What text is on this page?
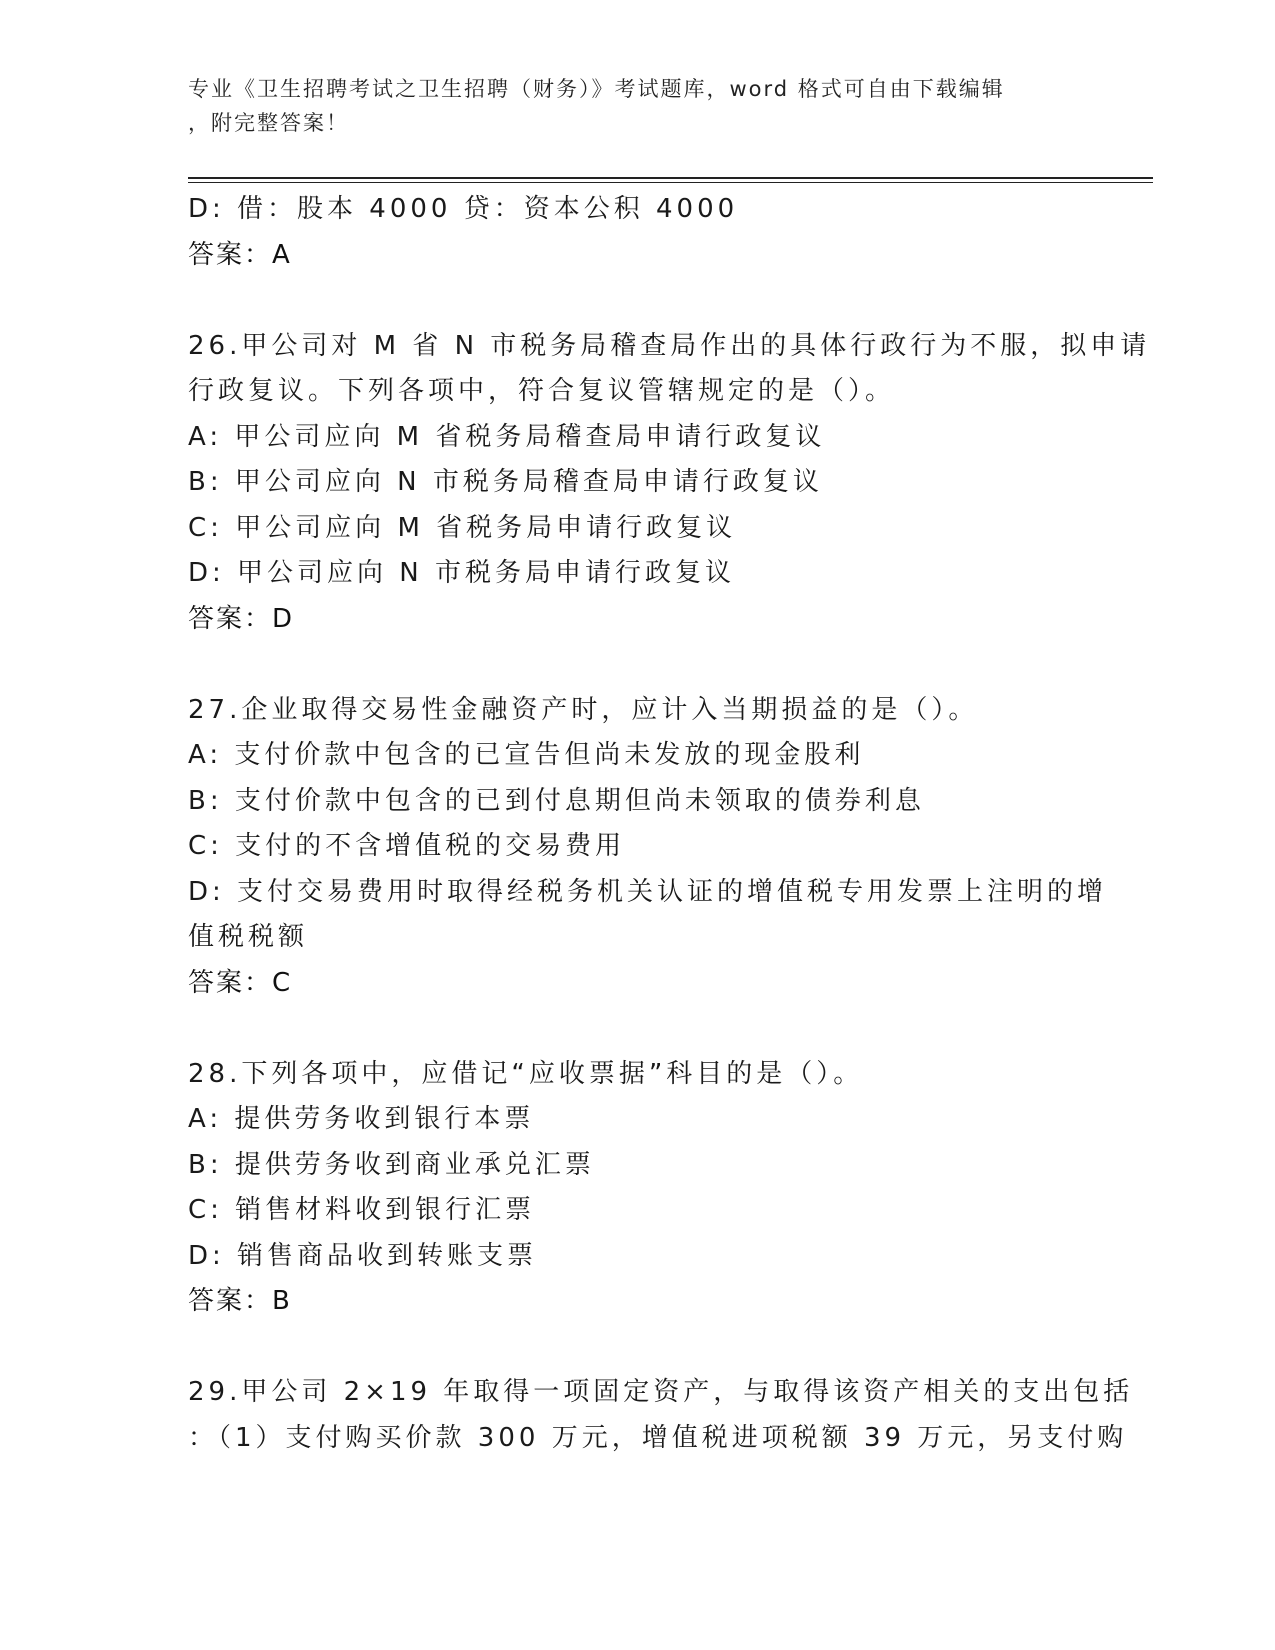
专业《卫生招聘考试之卫生招聘（财务）》考试题库，word 格式可自由下载编辑
，附完整答案！
D: 借：股本 4000 贷：资本公积 4000
答案：A
26.甲公司对 M 省 N 市税务局稽查局作出的具体行政行为不服，拟申请
行政复议。下列各项中，符合复议管辖规定的是（）。
A: 甲公司应向 M 省税务局稽查局申请行政复议
B: 甲公司应向 N 市税务局稽查局申请行政复议
C: 甲公司应向 M 省税务局申请行政复议
D: 甲公司应向 N 市税务局申请行政复议
答案：D
27.企业取得交易性金融资产时，应计入当期损益的是（）。
A: 支付价款中包含的已宣告但尚未发放的现金股利
B: 支付价款中包含的已到付息期但尚未领取的债券利息
C: 支付的不含增值税的交易费用
D: 支付交易费用时取得经税务机关认证的增值税专用发票上注明的增
值税税额
答案：C
28.下列各项中，应借记“应收票据”科目的是（）。
A: 提供劳务收到银行本票
B: 提供劳务收到商业承兑汇票
C: 销售材料收到银行汇票
D: 销售商品收到转账支票
答案：B
29.甲公司 2×19 年取得一项固定资产，与取得该资产相关的支出包括
：（1）支付购买价款 300 万元，增值税进项税额 39 万元，另支付购
